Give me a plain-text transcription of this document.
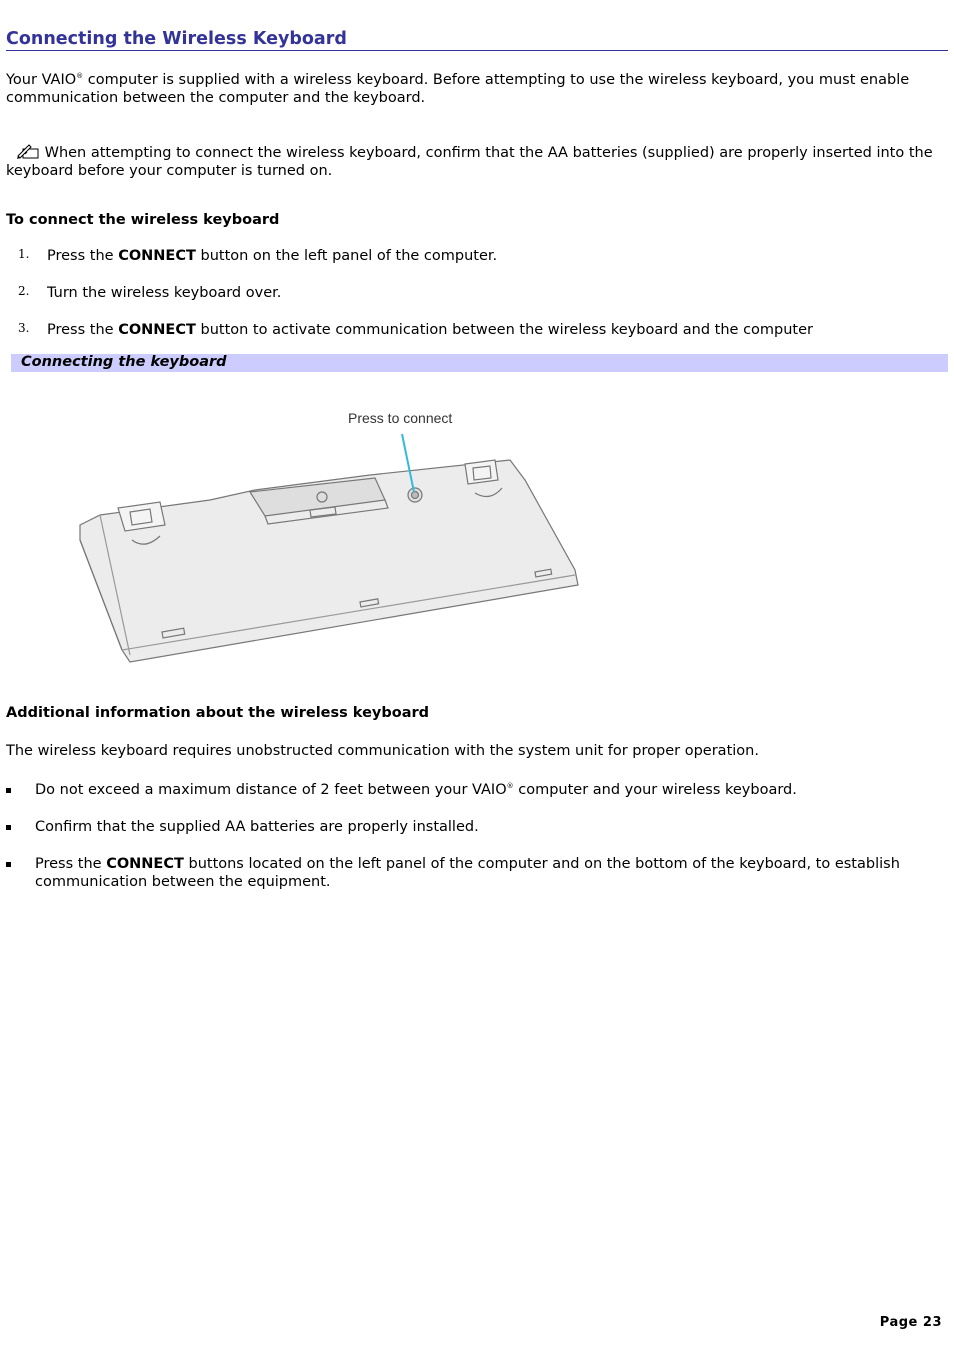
Connecting the Wireless Keyboard
Your VAIO® computer is supplied with a wireless keyboard. Before attempting to use the wireless keyboard, you must enable communication between the computer and the keyboard.
When attempting to connect the wireless keyboard, confirm that the AA batteries (supplied) are properly inserted into the keyboard before your computer is turned on.
To connect the wireless keyboard
1. Press the CONNECT button on the left panel of the computer.
2. Turn the wireless keyboard over.
3. Press the CONNECT button to activate communication between the wireless keyboard and the computer
Connecting the keyboard
Press to connect
Additional information about the wireless keyboard
The wireless keyboard requires unobstructed communication with the system unit for proper operation.
Do not exceed a maximum distance of 2 feet between your VAIO® computer and your wireless keyboard.
Confirm that the supplied AA batteries are properly installed.
Press the CONNECT buttons located on the left panel of the computer and on the bottom of the keyboard, to establish communication between the equipment.
Page 23
